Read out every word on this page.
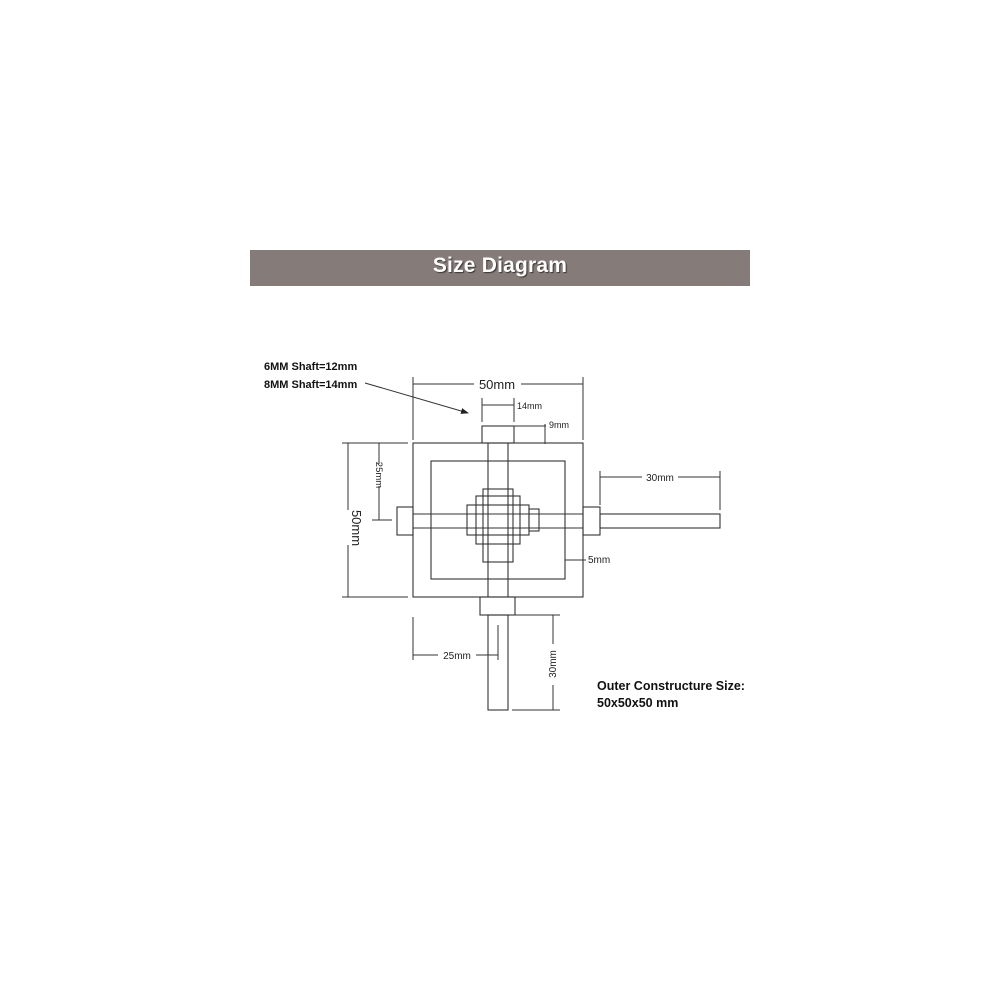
Size Diagram
6MM Shaft=12mm
8MM Shaft=14mm
Outer Constructure Size:
50x50x50 mm
50mm
14mm
9mm
50mm
25mm	30mm
5mm
25mm	30mm
